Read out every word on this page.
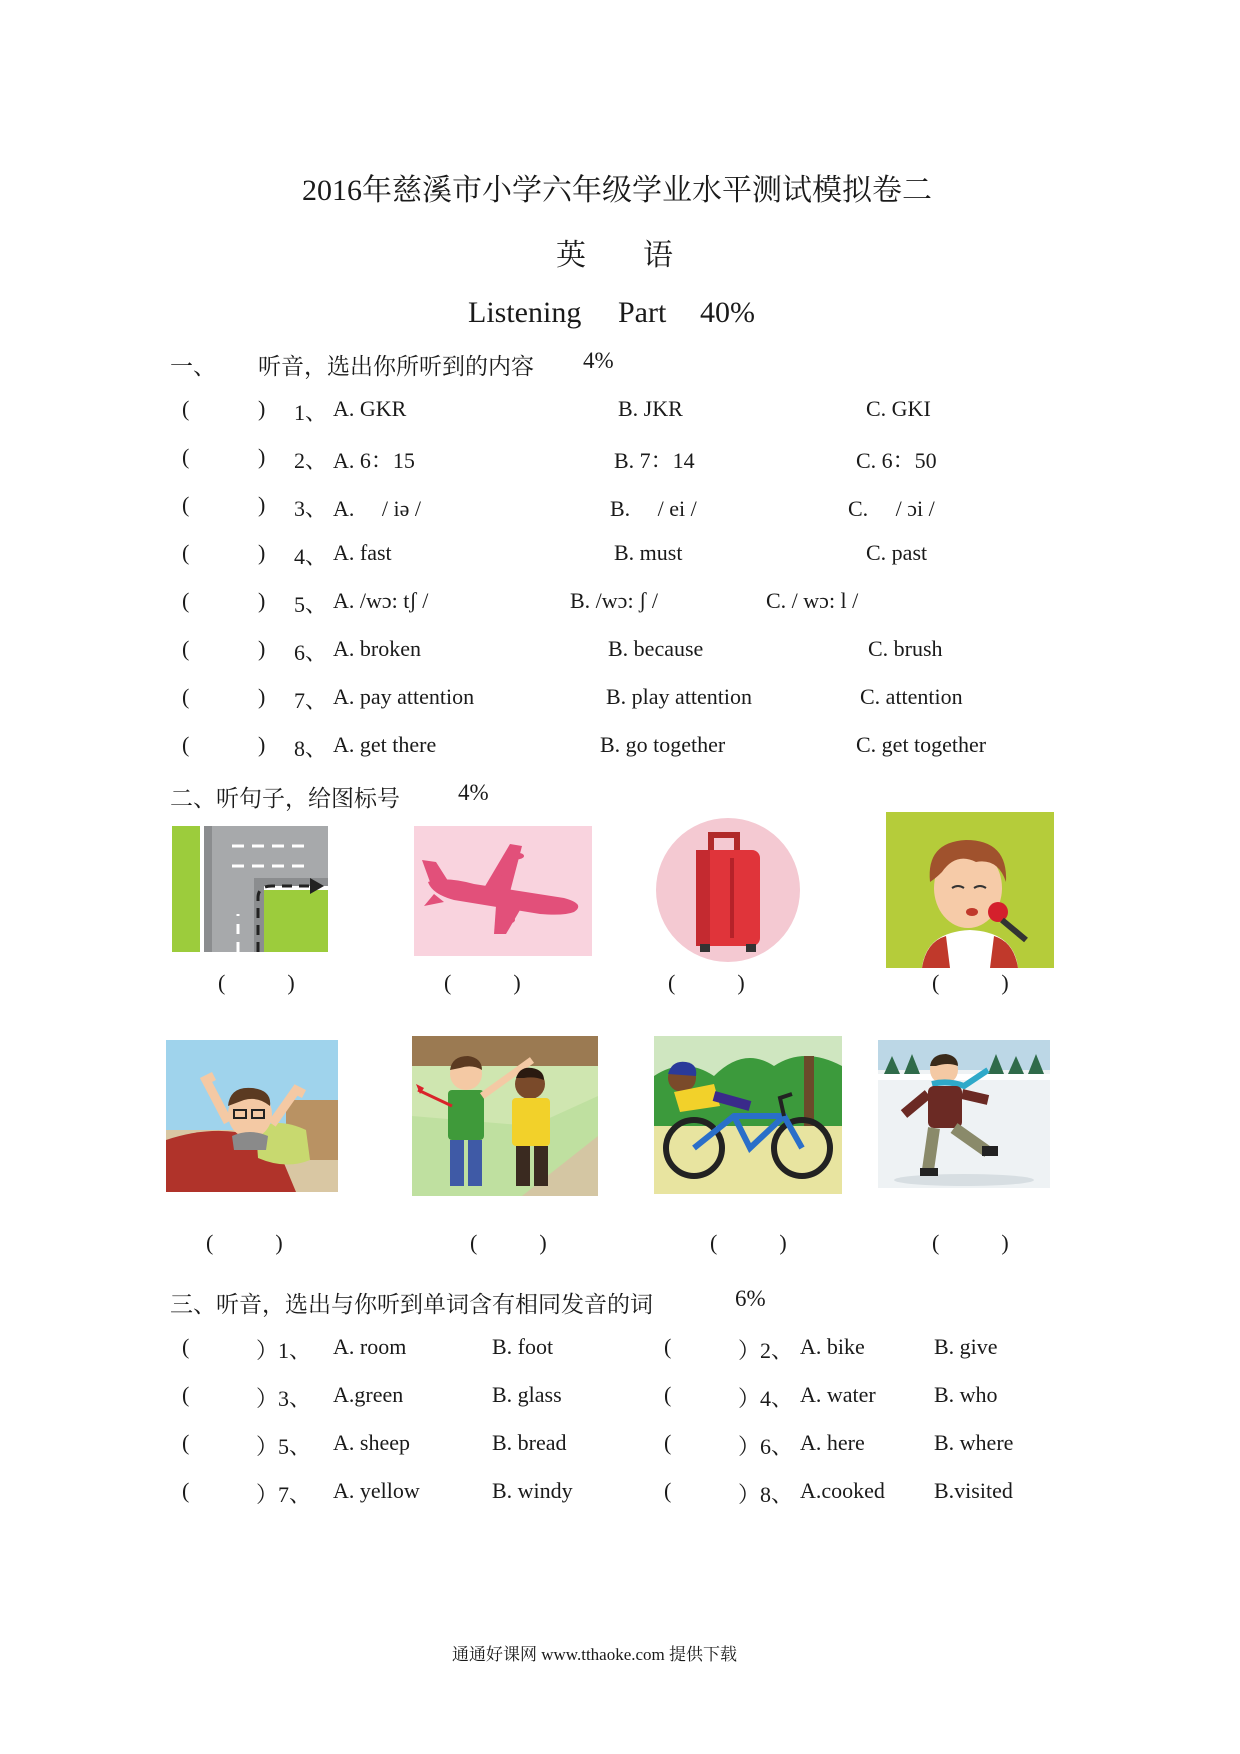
2016年慈溪市小学六年级学业水平测试模拟卷二
英 语
Listening Part 40%
一、 听音，选出你所听到的内容 4%
(	) 1、 A. GKR	B. JKR	C. GKI
(	) 2、 A. 6：15	B. 7：14	C. 6：50
(	) 3、 A.　 / iə /	B.　 / ei /	C.　 / ɔi /
(	) 4、 A. fast	B. must	C. past
(	) 5、 A. /wɔ: tʃ /	B. /wɔ: ʃ /	C. / wɔ: l /
(	) 6、 A. broken	B. because	C. brush
(	) 7、 A. pay attention	B. play attention	C. attention
(	) 8、 A. get there	B. go together	C. get together
二、听句子，给图标号	4%
(	)	(	)	(	)	(	)
(	)	(	)	(	)	(	)
三、听音，选出与你听到单词含有相同发音的词	6%
(	）1、 A. room	B. foot	(	）2、 A. bike	B. give
(	）3、 A.green	B. glass	(	）4、 A. water	B. who
(	）5、 A. sheep	B. bread	(	）6、 A. here	B. where
(	）7、 A. yellow	B. windy	(	）8、 A.cooked B.visited
通通好课网 www.tthaoke.com 提供下载
